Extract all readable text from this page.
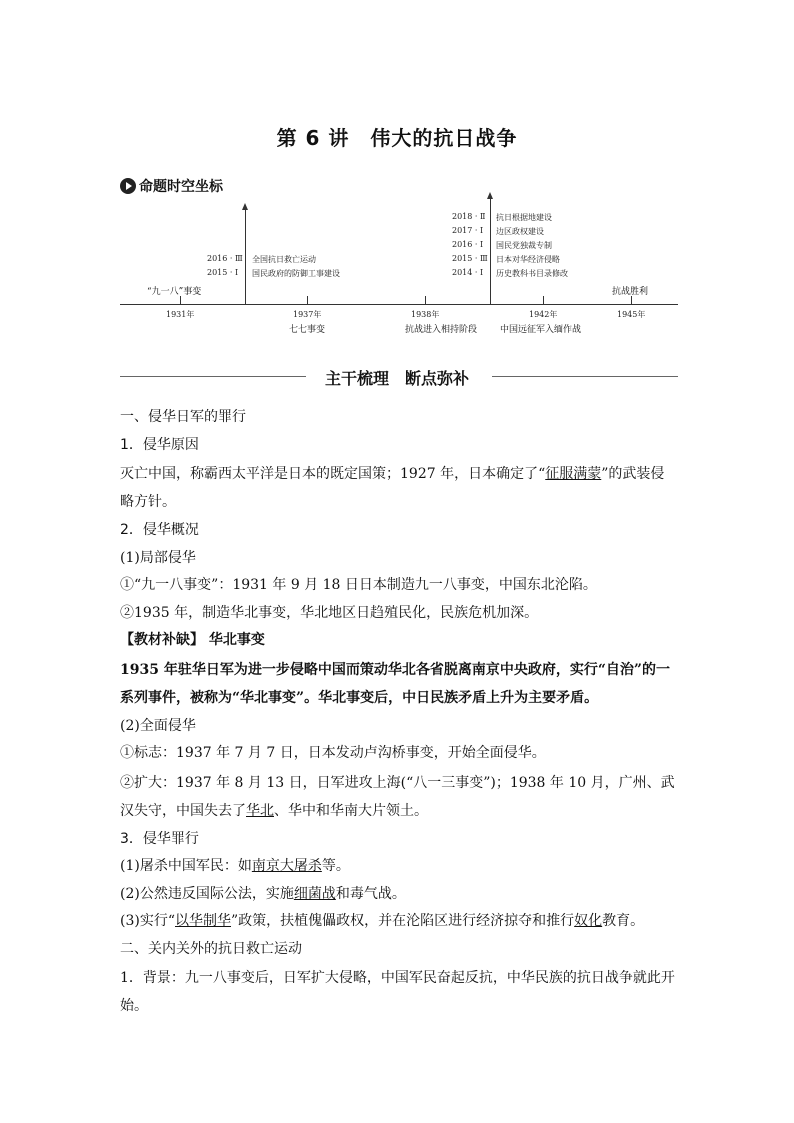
第 6 讲　伟大的抗日战争
命题时空坐标
“九一八”事变	抗战胜利
1931年	1937年	1938年	1942年	1945年
七七事变	抗战进入相持阶段	中国远征军入缅作战
2016 · Ⅲ 全国抗日救亡运动
2015 · Ⅰ 国民政府的防御工事建设
2018 · Ⅱ 抗日根据地建设
2017 · Ⅰ 边区政权建设
2016 · Ⅰ 国民党独裁专制
2015 · Ⅲ 日本对华经济侵略
2014 · Ⅰ 历史教科书目录修改
主干梳理　断点弥补

一、侵华日军的罪行

1．侵华原因

灭亡中国，称霸西太平洋是日本的既定国策；1927 年，日本确定了“征服满蒙”的武装侵略方针。

2．侵华概况

(1)局部侵华

①“九一八事变”：1931 年 9 月 18 日日本制造九一八事变，中国东北沦陷。

②1935 年，制造华北事变，华北地区日趋殖民化，民族危机加深。

【教材补缺】 华北事变

1935 年驻华日军为进一步侵略中国而策动华北各省脱离南京中央政府，实行“自治”的一系列事件，被称为“华北事变”。华北事变后，中日民族矛盾上升为主要矛盾。

(2)全面侵华

①标志：1937 年 7 月 7 日，日本发动卢沟桥事变，开始全面侵华。

②扩大：1937 年 8 月 13 日，日军进攻上海(“八一三事变”)；1938 年 10 月，广州、武汉失守，中国失去了华北、华中和华南大片领土。

3．侵华罪行

(1)屠杀中国军民：如南京大屠杀等。

(2)公然违反国际公法，实施细菌战和毒气战。

(3)实行“以华制华”政策，扶植傀儡政权，并在沦陷区进行经济掠夺和推行奴化教育。

二、关内关外的抗日救亡运动

1．背景：九一八事变后，日军扩大侵略，中国军民奋起反抗，中华民族的抗日战争就此开始。
